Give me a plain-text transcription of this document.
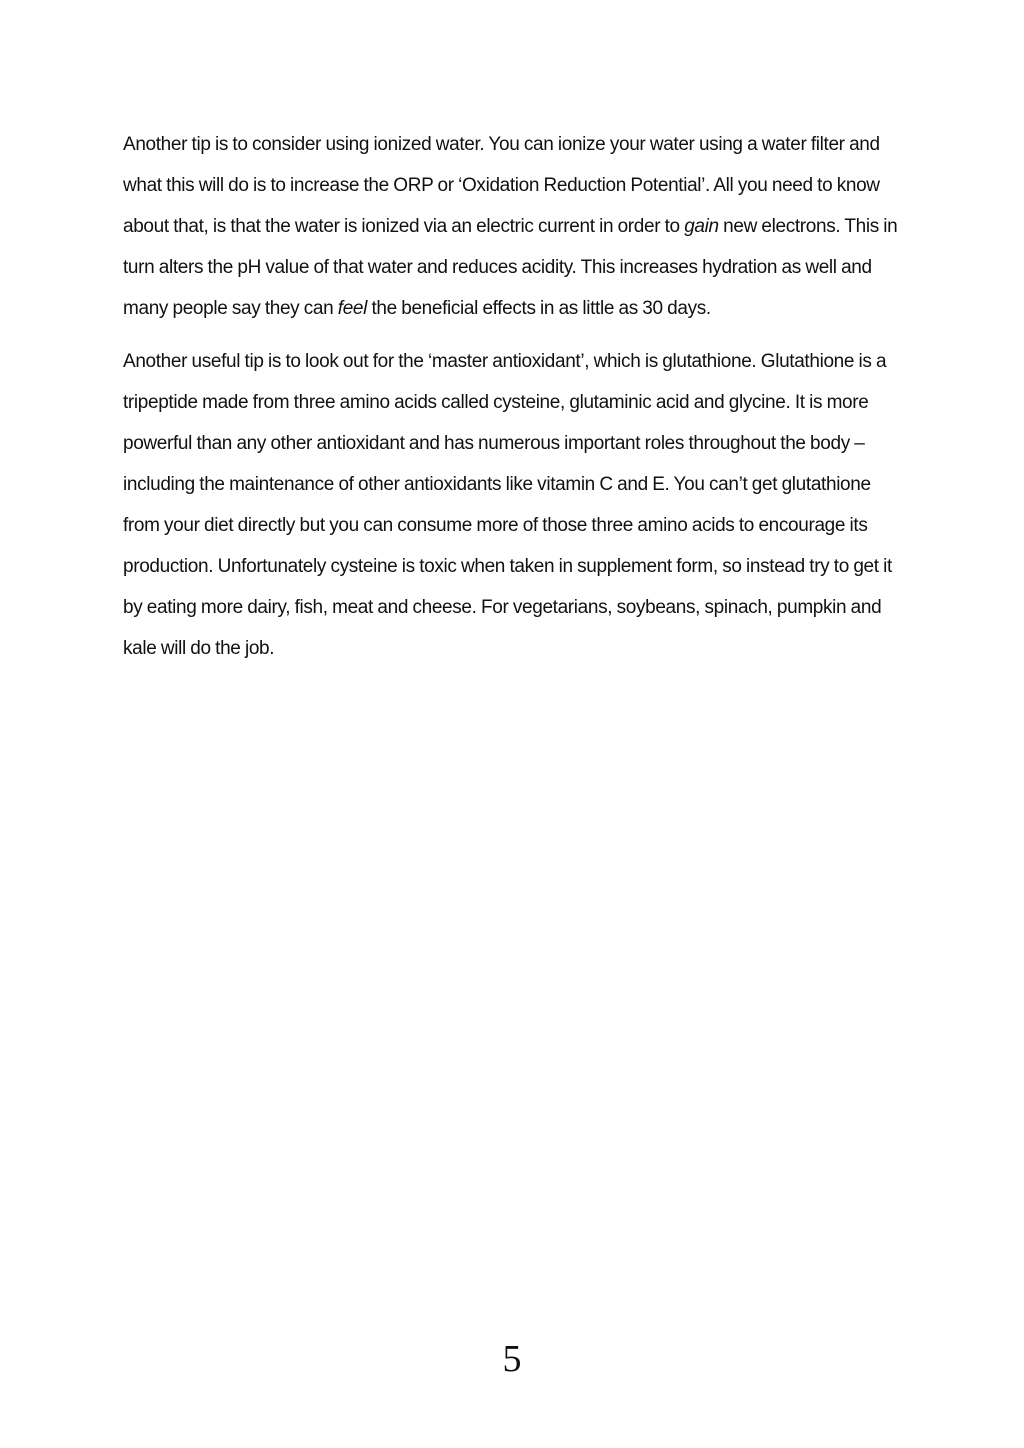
Another tip is to consider using ionized water. You can ionize your water using a water filter and what this will do is to increase the ORP or ‘Oxidation Reduction Potential’. All you need to know about that, is that the water is ionized via an electric current in order to gain new electrons. This in turn alters the pH value of that water and reduces acidity. This increases hydration as well and many people say they can feel the beneficial effects in as little as 30 days.

Another useful tip is to look out for the ‘master antioxidant’, which is glutathione. Glutathione is a tripeptide made from three amino acids called cysteine, glutaminic acid and glycine. It is more powerful than any other antioxidant and has numerous important roles throughout the body – including the maintenance of other antioxidants like vitamin C and E. You can’t get glutathione from your diet directly but you can consume more of those three amino acids to encourage its production. Unfortunately cysteine is toxic when taken in supplement form, so instead try to get it by eating more dairy, fish, meat and cheese. For vegetarians, soybeans, spinach, pumpkin and kale will do the job.

5
